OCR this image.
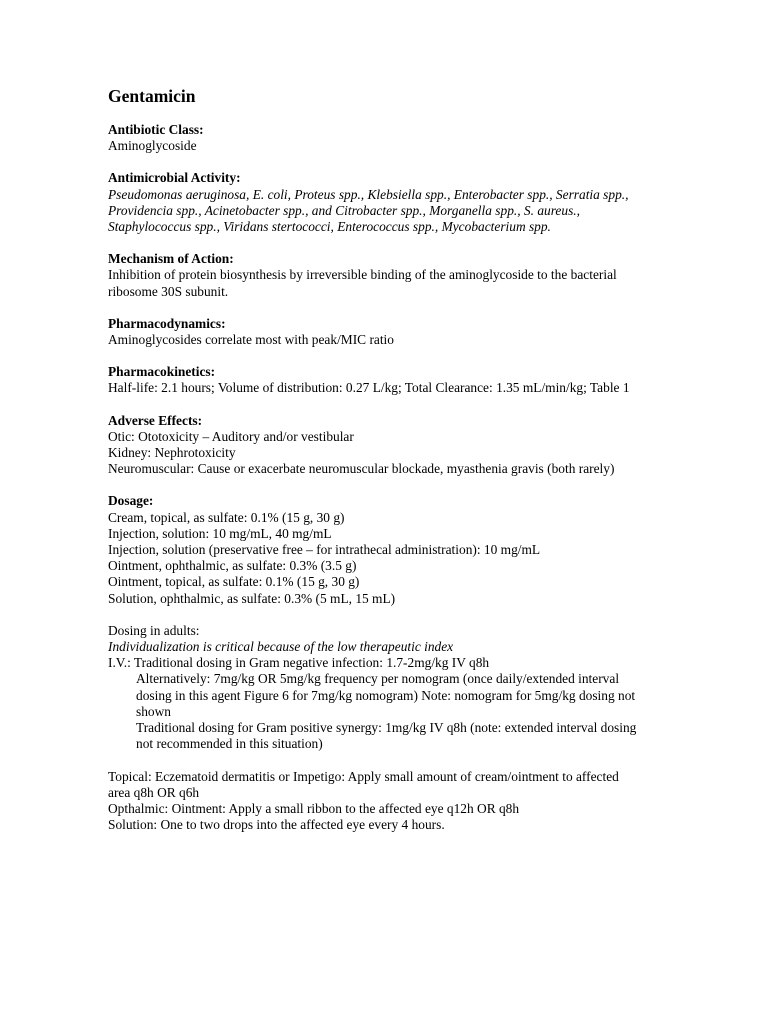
Gentamicin
Antibiotic Class:
Aminoglycoside
Antimicrobial Activity:
Pseudomonas aeruginosa, E. coli, Proteus spp., Klebsiella spp., Enterobacter spp., Serratia spp.,
Providencia spp., Acinetobacter spp., and Citrobacter spp., Morganella spp., S. aureus.,
Staphylococcus spp., Viridans stertococci, Enterococcus spp., Mycobacterium spp.
Mechanism of Action:
Inhibition of protein biosynthesis by irreversible binding of the aminoglycoside to the bacterial
ribosome 30S subunit.
Pharmacodynamics:
Aminoglycosides correlate most with peak/MIC ratio
Pharmacokinetics:
Half-life: 2.1 hours; Volume of distribution: 0.27 L/kg; Total Clearance: 1.35 mL/min/kg; Table 1
Adverse Effects:
Otic: Ototoxicity – Auditory and/or vestibular
Kidney: Nephrotoxicity
Neuromuscular: Cause or exacerbate neuromuscular blockade, myasthenia gravis (both rarely)
Dosage:
Cream, topical, as sulfate: 0.1% (15 g, 30 g)
Injection, solution: 10 mg/mL, 40 mg/mL
Injection, solution (preservative free – for intrathecal administration): 10 mg/mL
Ointment, ophthalmic, as sulfate: 0.3% (3.5 g)
Ointment, topical, as sulfate: 0.1% (15 g, 30 g)
Solution, ophthalmic, as sulfate: 0.3% (5 mL, 15 mL)
Dosing in adults:
Individualization is critical because of the low therapeutic index
I.V.: Traditional dosing in Gram negative infection: 1.7-2mg/kg IV q8h
Alternatively: 7mg/kg OR 5mg/kg frequency per nomogram (once daily/extended interval
dosing in this agent Figure 6 for 7mg/kg nomogram) Note: nomogram for 5mg/kg dosing not
shown
Traditional dosing for Gram positive synergy: 1mg/kg IV q8h (note: extended interval dosing
not recommended in this situation)
Topical: Eczematoid dermatitis or Impetigo: Apply small amount of cream/ointment to affected
area q8h OR q6h
Opthalmic: Ointment: Apply a small ribbon to the affected eye q12h OR q8h
Solution: One to two drops into the affected eye every 4 hours.
